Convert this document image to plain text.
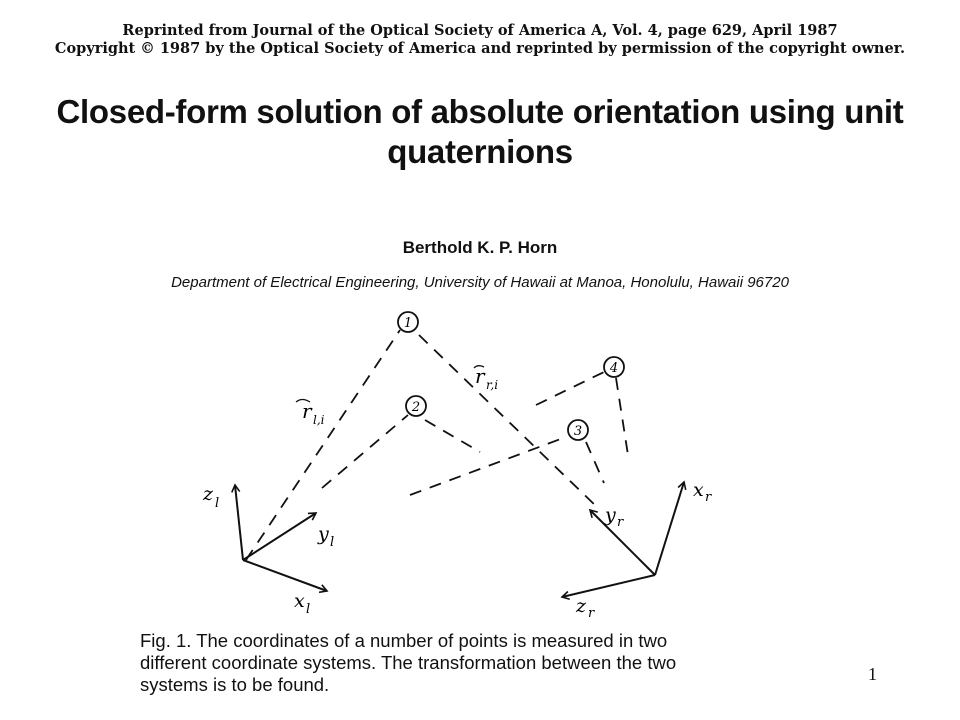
Reprinted from Journal of the Optical Society of America A, Vol. 4, page 629, April 1987
Copyright © 1987 by the Optical Society of America and reprinted by permission of the copyright owner.
Closed-form solution of absolute orientation using unit
quaternions
Berthold K. P. Horn
Department of Electrical Engineering, University of Hawaii at Manoa, Honolulu, Hawaii 96720
1
2
3
4
r l,i
r r,i
z l
y l
x l
x r
y r
z r
Fig. 1. The coordinates of a number of points is measured in two
different coordinate systems. The transformation between the two
systems is to be found.	1
